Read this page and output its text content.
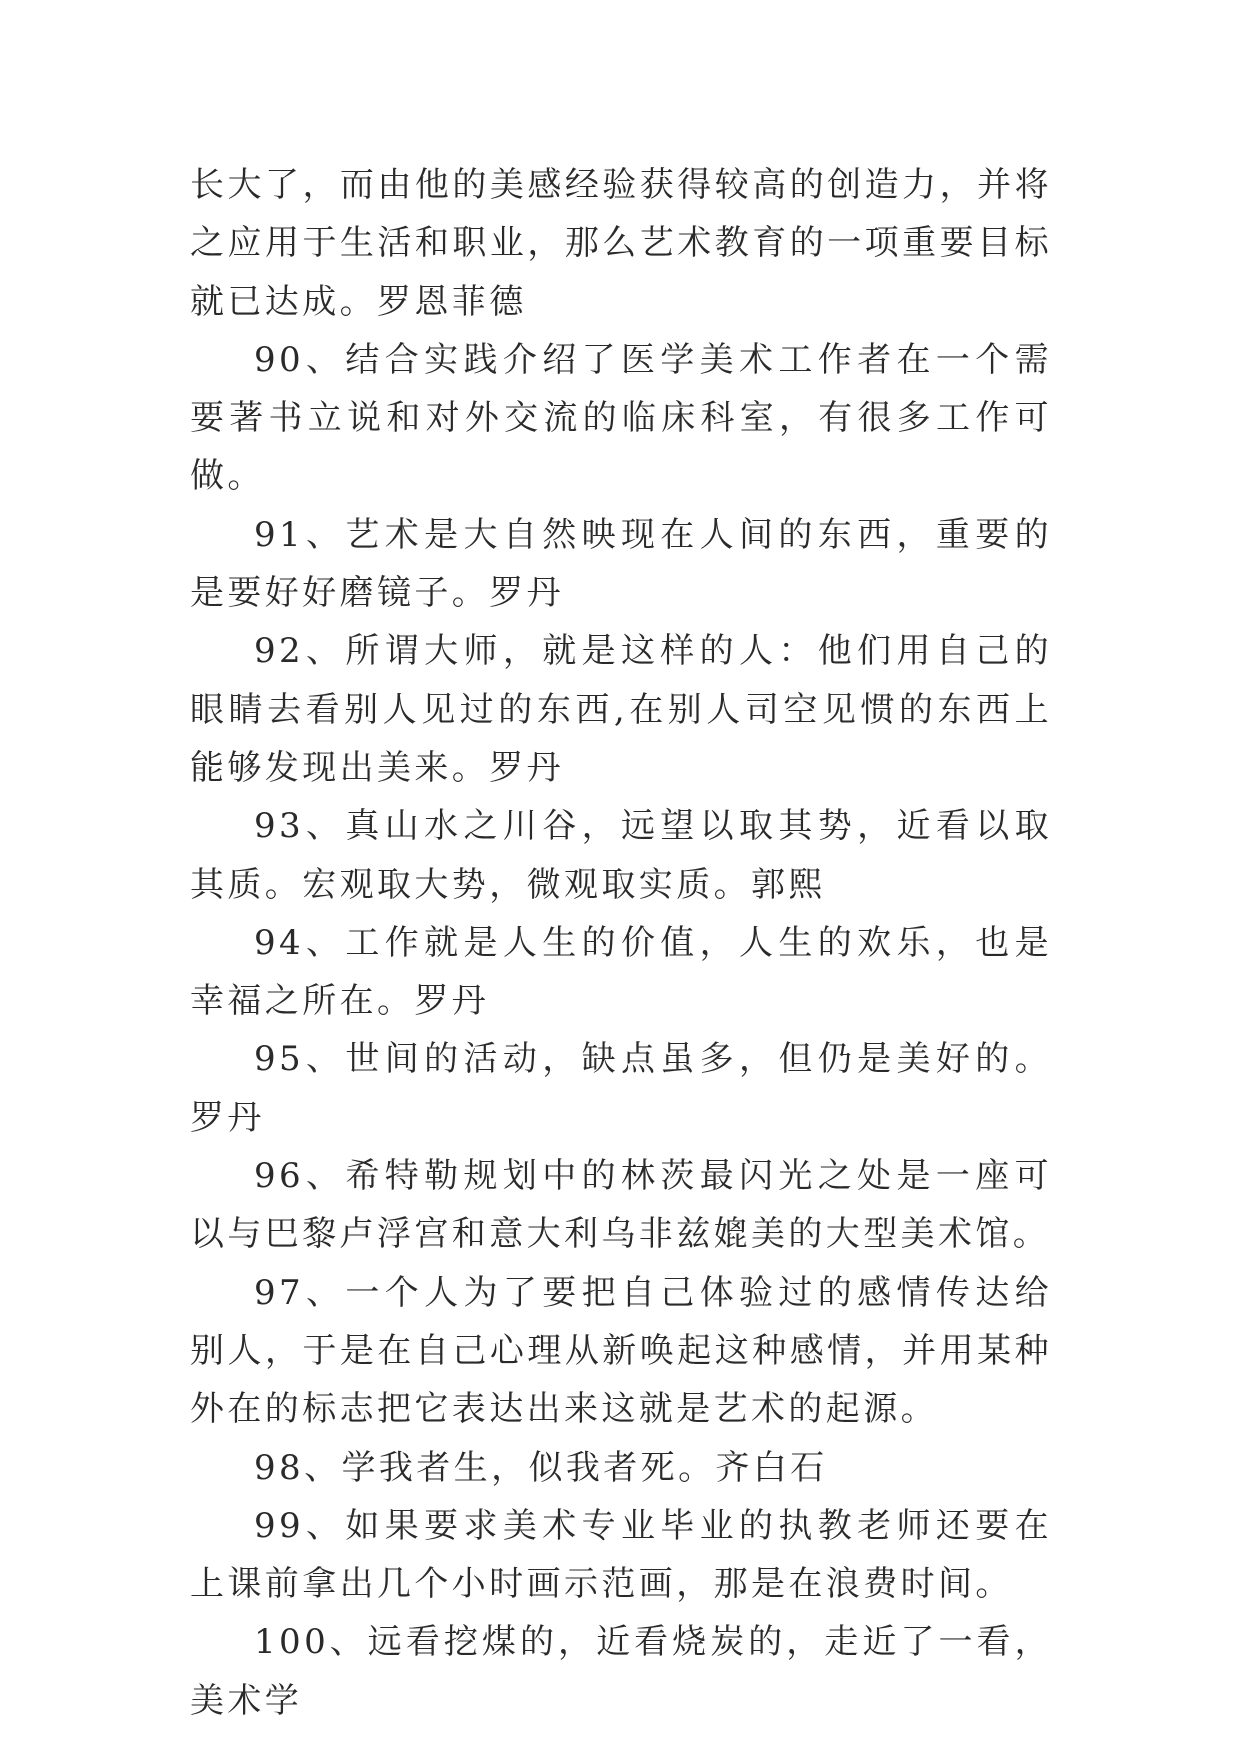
长大了，而由他的美感经验获得较高的创造力，并将之应用于生活和职业，那么艺术教育的一项重要目标就已达成。罗恩菲德

90、结合实践介绍了医学美术工作者在一个需要著书立说和对外交流的临床科室，有很多工作可做。

91、艺术是大自然映现在人间的东西，重要的是要好好磨镜子。罗丹

92、所谓大师，就是这样的人：他们用自己的眼睛去看别人见过的东西,在别人司空见惯的东西上能够发现出美来。罗丹

93、真山水之川谷，远望以取其势，近看以取其质。宏观取大势，微观取实质。郭熙

94、工作就是人生的价值，人生的欢乐，也是幸福之所在。罗丹

95、世间的活动，缺点虽多，但仍是美好的。罗丹

96、希特勒规划中的林茨最闪光之处是一座可以与巴黎卢浮宫和意大利乌非兹媲美的大型美术馆。

97、一个人为了要把自己体验过的感情传达给别人，于是在自己心理从新唤起这种感情，并用某种外在的标志把它表达出来这就是艺术的起源。

98、学我者生，似我者死。齐白石

99、如果要求美术专业毕业的执教老师还要在上课前拿出几个小时画示范画，那是在浪费时间。

100、远看挖煤的，近看烧炭的，走近了一看，美术学
